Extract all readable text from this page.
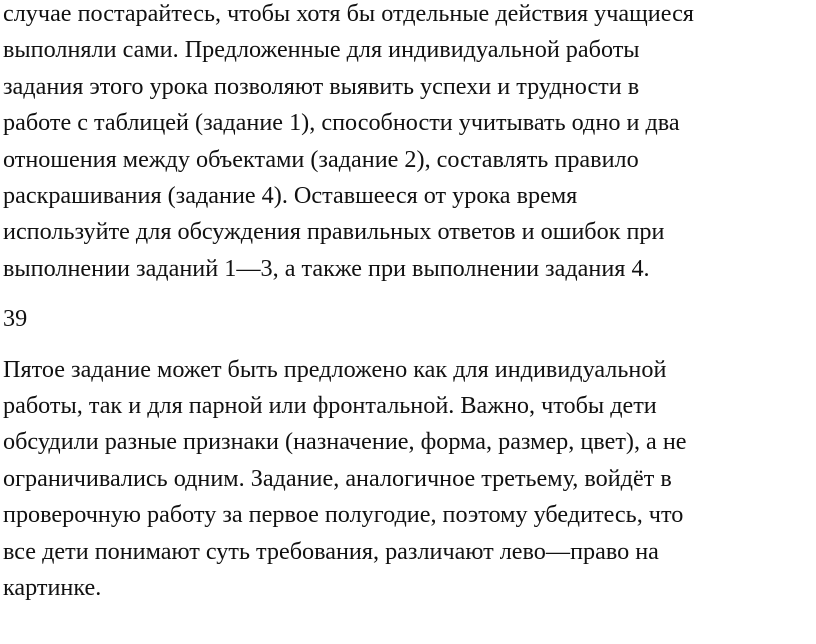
случае постарайтесь, чтобы хотя бы отдельные действия учащиеся
выполняли сами. Предложенные для индивидуальной работы
задания этого урока позволяют выявить успехи и трудности в
работе с таблицей (задание 1), способности учитывать одно и два
отношения между объектами (задание 2), составлять правило
раскрашивания (задание 4). Оставшееся от урока время
используйте для обсуждения правильных ответов и ошибок при
выполнении заданий 1—3, а также при выполнении задания 4.

39

Пятое задание может быть предложено как для индивидуальной
работы, так и для парной или фронтальной. Важно, чтобы дети
обсудили разные признаки (назначение, форма, размер, цвет), а не
ограничивались одним. Задание, аналогичное третьему, войдёт в
проверочную работу за первое полугодие, поэтому убедитесь, что
все дети понимают суть требования, различают лево—право на
картинке.
